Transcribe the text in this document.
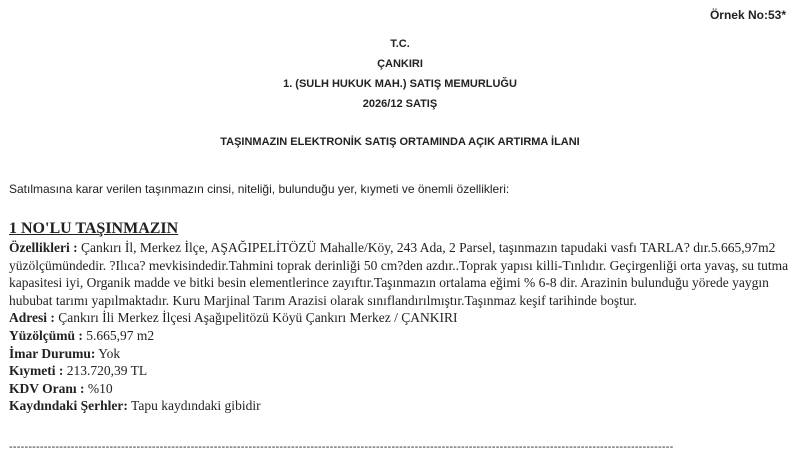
Örnek No:53*
T.C.
ÇANKIRI
1. (SULH HUKUK MAH.) SATIŞ MEMURLUĞU
2026/12 SATIŞ
TAŞINMAZIN ELEKTRONİK SATIŞ ORTAMINDA AÇIK ARTIRMA İLANI
Satılmasına karar verilen taşınmazın cinsi, niteliği, bulunduğu yer, kıymeti ve önemli özellikleri:
1 NO'LU TAŞINMAZIN
Özellikleri : Çankırı İl, Merkez İlçe, AŞAĞIPELİTÖZÜ Mahalle/Köy, 243 Ada, 2 Parsel, taşınmazın tapudaki vasfı TARLA? dır.5.665,97m2 yüzölçümündedir. ?Ilıca? mevkisindedir.Tahmini toprak derinliği 50 cm?den azdır..Toprak yapısı killi-Tınlıdır. Geçirgenliği orta yavaş, su tutma kapasitesi iyi, Organik madde ve bitki besin elementlerince zayıftır.Taşınmazın ortalama eğimi % 6-8 dir. Arazinin bulunduğu yörede yaygın hububat tarımı yapılmaktadır. Kuru Marjinal Tarım Arazisi olarak sınıflandırılmıştır.Taşınmaz keşif tarihinde boştur.
Adresi : Çankırı İli Merkez İlçesi Aşağıpelitözü Köyü Çankırı Merkez / ÇANKIRI
Yüzölçümü : 5.665,97 m2
İmar Durumu: Yok
Kıymeti : 213.720,39 TL
KDV Oranı : %10
Kaydındaki Şerhler: Tapu kaydındaki gibidir
----------------------------------------------------------------------------------------------------------------------------------------------------------------------------
